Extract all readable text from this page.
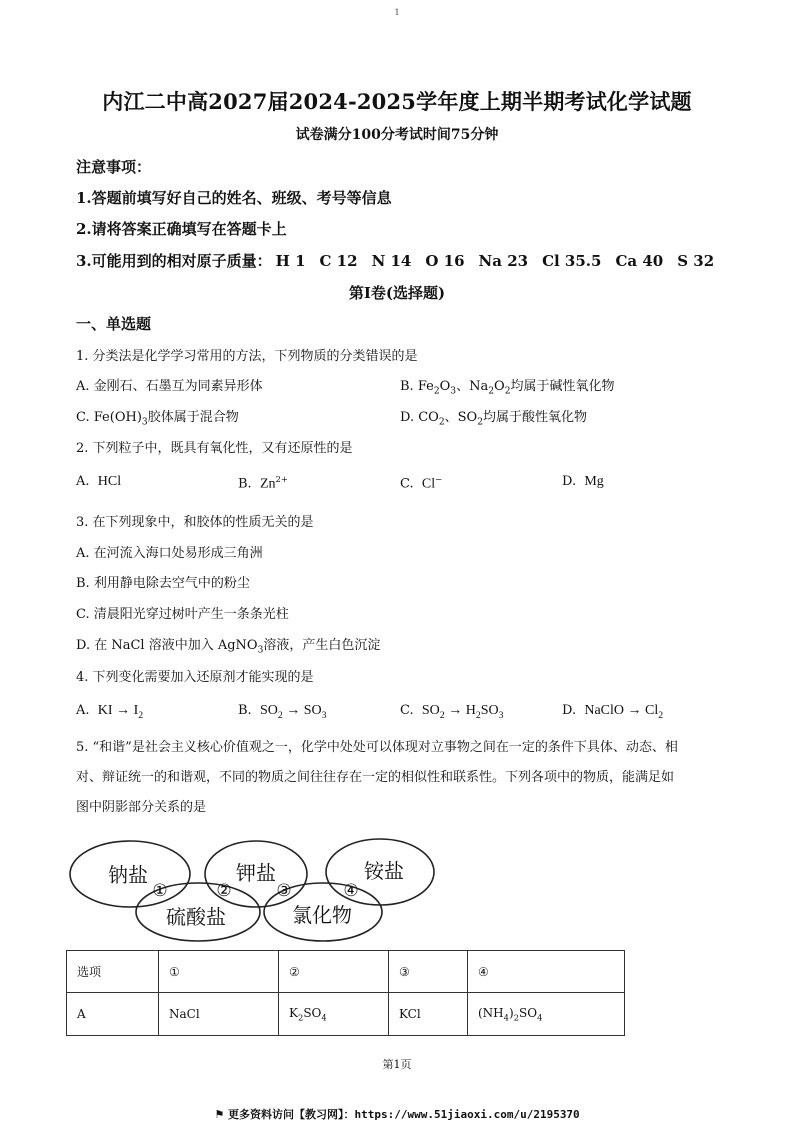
1
内江二中高2027届2024-2025学年度上期半期考试化学试题
试卷满分100分考试时间75分钟
注意事项：
1.答题前填写好自己的姓名、班级、考号等信息
2.请将答案正确填写在答题卡上
3.可能用到的相对原子质量： H 1 C 12 N 14 O 16 Na 23 Cl 35.5 Ca 40 S 32
第Ⅰ卷(选择题)
一、单选题
1. 分类法是化学学习常用的方法，下列物质的分类错误的是
A. 金刚石、石墨互为同素异形体	B. $Fe_2O_3$、$Na_2O_2$均属于碱性氧化物
C. $Fe(OH)_3$胶体属于混合物	D. $CO_2$、$SO_2$均属于酸性氧化物
2. 下列粒子中，既具有氧化性，又有还原性的是
A. HCl	B. $Zn^{2+}$	C. Cl−	D. Mg
3. 在下列现象中，和胶体的性质无关的是
A. 在河流入海口处易形成三角洲
B. 利用静电除去空气中的粉尘
C. 清晨阳光穿过树叶产生一条条光柱
D. 在 NaCl 溶液中加入 AgNO$_3$溶液，产生白色沉淀
4. 下列变化需要加入还原剂才能实现的是
A. KI → $I_2$	B. $SO_2 \to SO_3$	C. $SO_2 \to H_2SO_3$	D. NaClO → $Cl_2$
5. “和谐”是社会主义核心价值观之一，化学中处处可以体现对立事物之间在一定的条件下具体、动态、相
对、辩证统一的和谐观，不同的物质之间往往存在一定的相似性和联系性。下列各项中的物质，能满足如
图中阴影部分关系的是
钠盐	钾盐	铵盐
硫酸盐	氯化物
①	②	③	④
选项	①	②	③	④
A	NaCl	$K_2SO_4$	KCl	$(NH_4)_2SO_4$
第1页
⚑ 更多资料访问【教习网】：https://www.51jiaoxi.com/u/2195370
